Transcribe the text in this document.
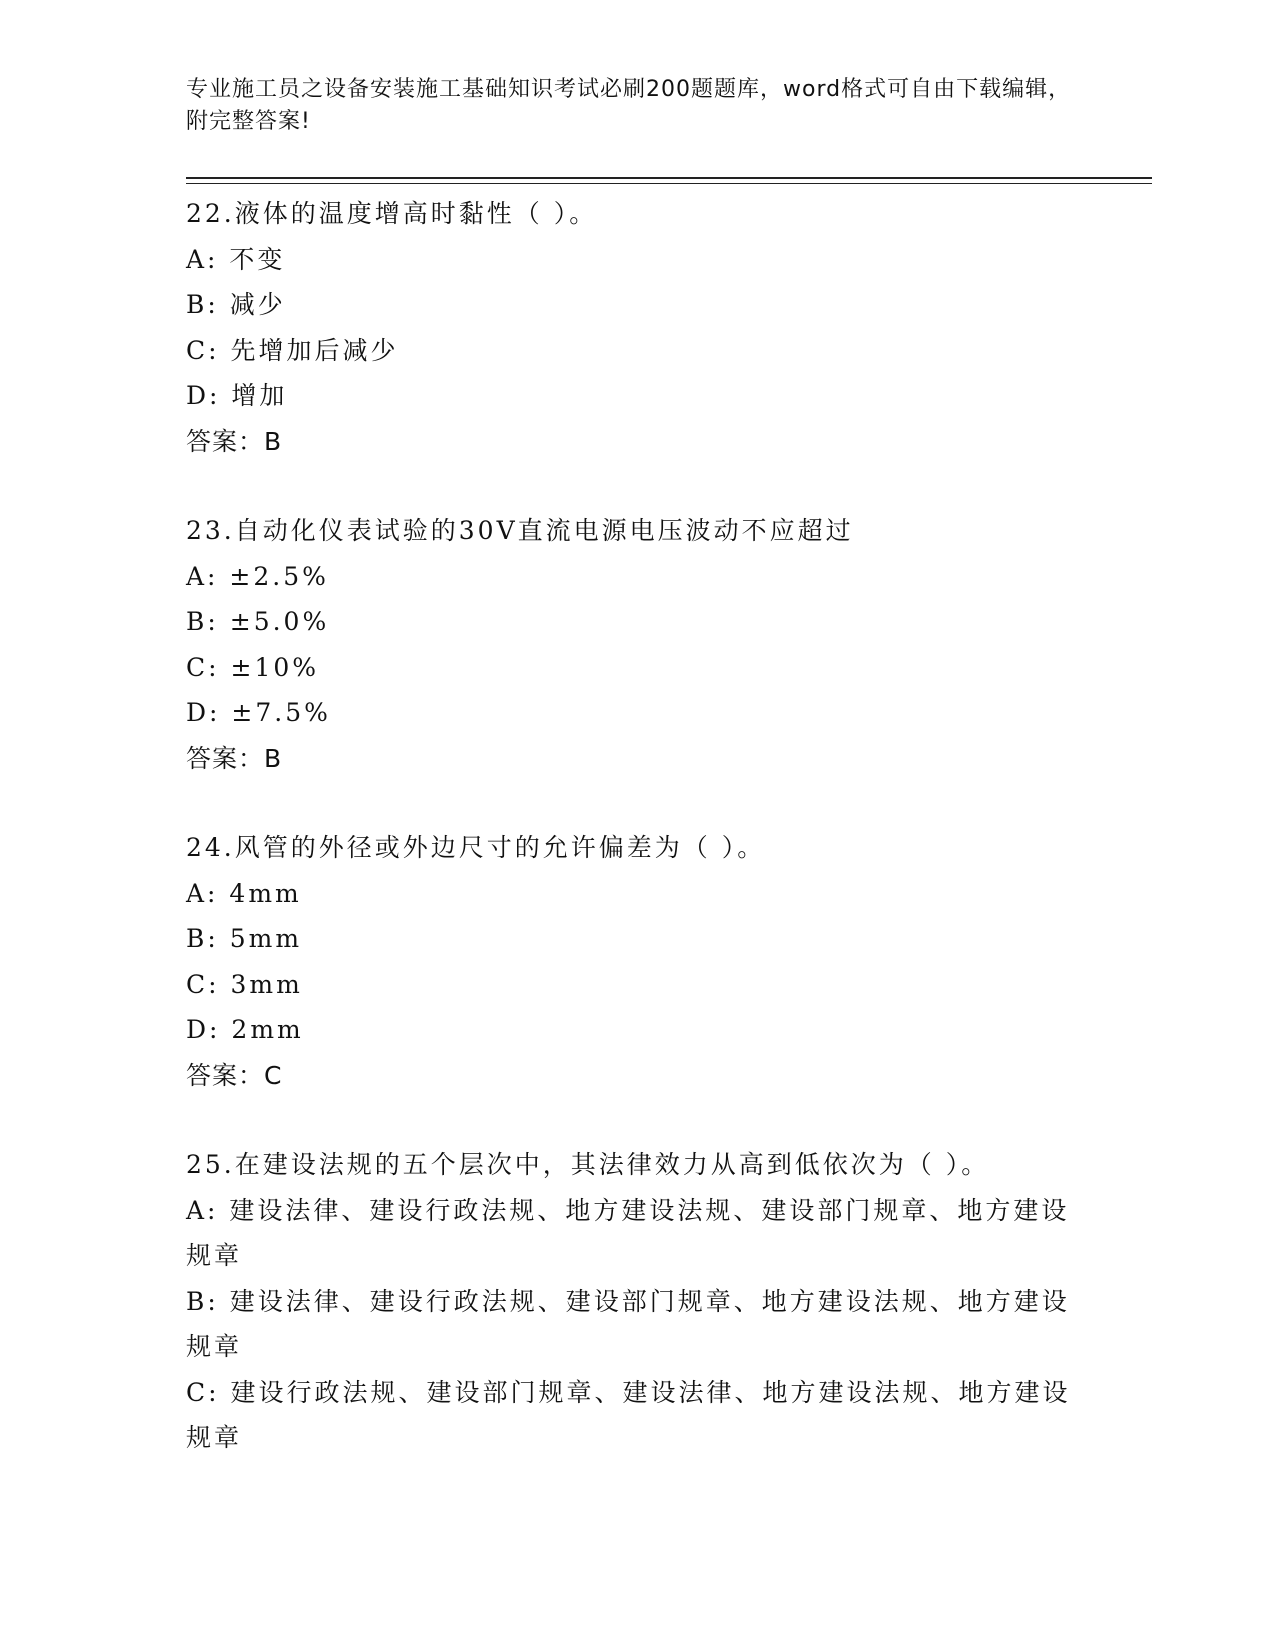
专业施工员之设备安装施工基础知识考试必刷200题题库，word格式可自由下载编辑，附完整答案!
22.液体的温度增高时黏性（ ）。
A: 不变
B: 减少
C: 先增加后减少
D: 增加
答案：B
23.自动化仪表试验的30V直流电源电压波动不应超过
A: ±2.5%
B: ±5.0%
C: ±10%
D: ±7.5%
答案：B
24.风管的外径或外边尺寸的允许偏差为（ ）。
A: 4mm
B: 5mm
C: 3mm
D: 2mm
答案：C
25.在建设法规的五个层次中，其法律效力从高到低依次为（ ）。
A: 建设法律、建设行政法规、地方建设法规、建设部门规章、地方建设规章
B: 建设法律、建设行政法规、建设部门规章、地方建设法规、地方建设规章
C: 建设行政法规、建设部门规章、建设法律、地方建设法规、地方建设规章
